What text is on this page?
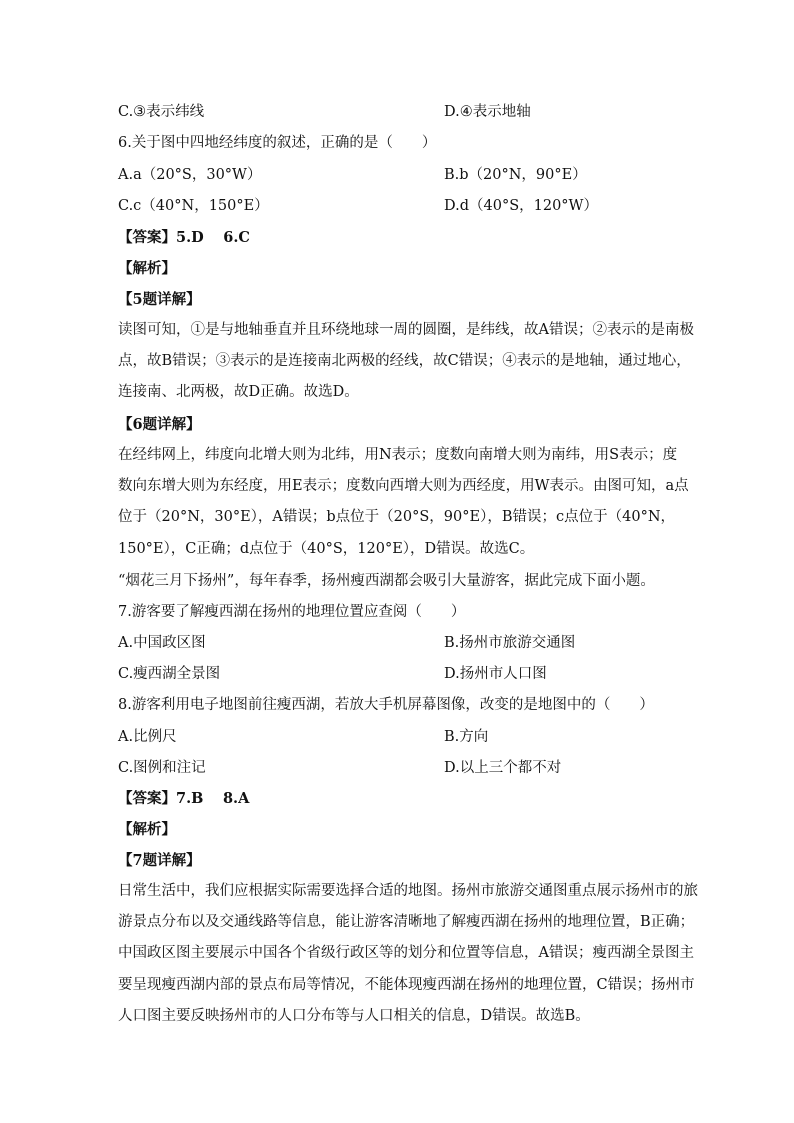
C.③表示纬线	D.④表示地轴
6.关于图中四地经纬度的叙述，正确的是（　　）
A.a（20°S，30°W）	B.b（20°N，90°E）
C.c（40°N，150°E）	D.d（40°S，120°W）
【答案】5.D　 6.C
【解析】
【5题详解】
读图可知，①是与地轴垂直并且环绕地球一周的圆圈，是纬线，故A错误；②表示的是南极
点，故B错误；③表示的是连接南北两极的经线，故C错误；④表示的是地轴，通过地心，
连接南、北两极，故D正确。故选D。
【6题详解】
在经纬网上，纬度向北增大则为北纬，用N表示；度数向南增大则为南纬，用S表示；度
数向东增大则为东经度，用E表示；度数向西增大则为西经度，用W表示。由图可知，a点
位于（20°N，30°E），A错误；b点位于（20°S，90°E），B错误；c点位于（40°N，
150°E），C正确；d点位于（40°S，120°E），D错误。故选C。
“烟花三月下扬州”，每年春季，扬州瘦西湖都会吸引大量游客，据此完成下面小题。
7.游客要了解瘦西湖在扬州的地理位置应查阅（　　）
A.中国政区图	B.扬州市旅游交通图
C.瘦西湖全景图	D.扬州市人口图
8.游客利用电子地图前往瘦西湖，若放大手机屏幕图像，改变的是地图中的（　　）
A.比例尺	B.方向
C.图例和注记	D.以上三个都不对
【答案】7.B　 8.A
【解析】
【7题详解】
日常生活中，我们应根据实际需要选择合适的地图。扬州市旅游交通图重点展示扬州市的旅
游景点分布以及交通线路等信息，能让游客清晰地了解瘦西湖在扬州的地理位置，B正确；
中国政区图主要展示中国各个省级行政区等的划分和位置等信息，A错误；瘦西湖全景图主
要呈现瘦西湖内部的景点布局等情况，不能体现瘦西湖在扬州的地理位置，C错误；扬州市
人口图主要反映扬州市的人口分布等与人口相关的信息，D错误。故选B。
